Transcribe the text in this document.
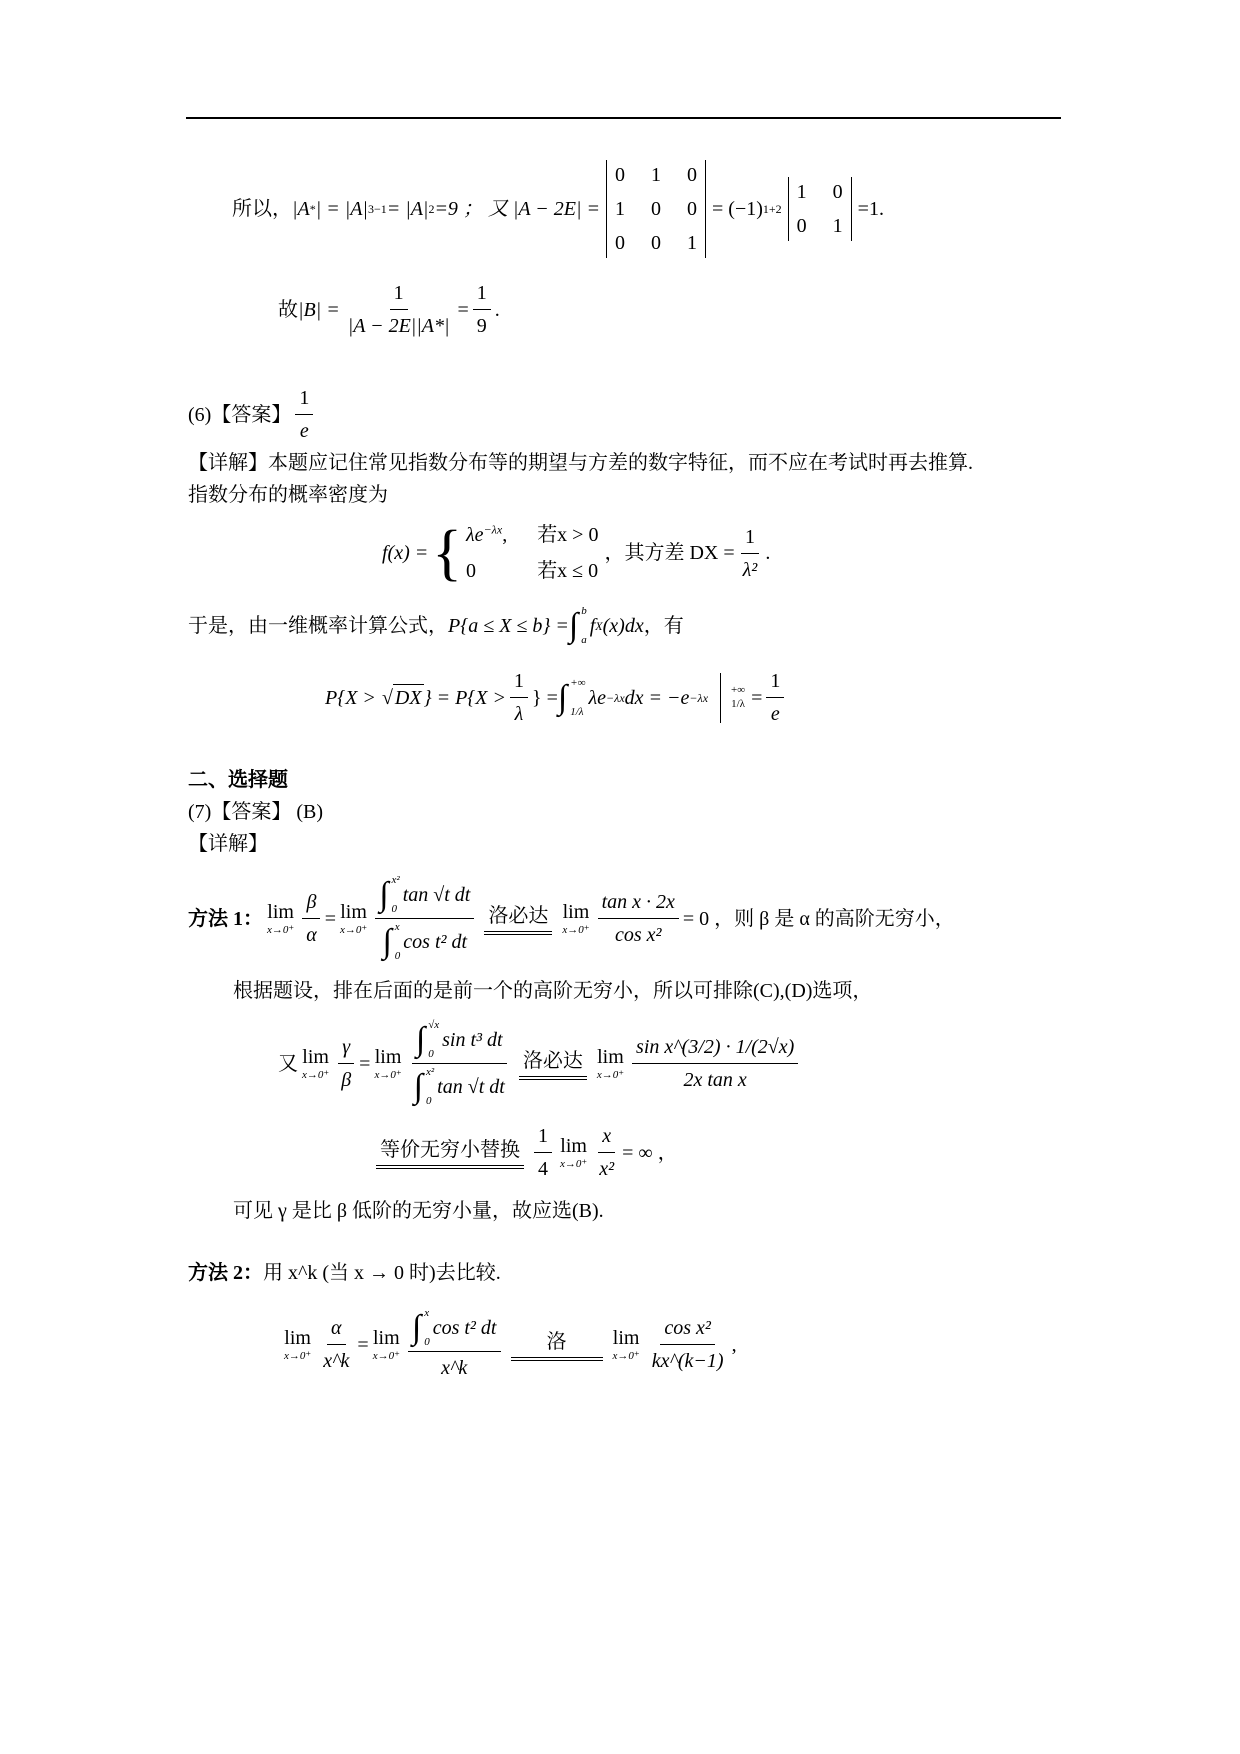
所以， |A * | = |A| 3−1 = |A| 2 =9 ； 又 |A − 2E| =
0 1 0
1 0 0
0 0 1
= (−1) 1+2
1 0
0 1
=1.
故 $|B| = \frac{1}{|A - 2E||A*|} = \frac{1}{9}$ .
(6)【答案】 $\frac{1}{e}$
【详解】本题应记住常见指数分布等的期望与方差的数字特征，而不应在考试时再去推算.
指数分布的概率密度为
f(x) = { $\lambda e^{-\lambda x}$, 若x > 0
0	若x ≤ 0
，其方差 DX = $\frac{1}{\text{λ²}}$ .
于是，由一维概率计算公式， P{a ≤ X ≤ b} = ∫ b
a
f X (x)dx ，有
P{X > √ DX } = $P\{X > \frac{1}{\lambda}$ } = ∫ +∞
1/λ
λe −λx dx = −e −λx
+∞
$1/\lambda = \frac{1}{e}$
二、选择题
(7)【答案】 (B)
【详解】
方法 1： lim
$x\to 0^+ \frac{\beta}{\alpha} = \lim$
x→0⁺
∫ x²
0
tan √t dt
∫ x
0
cos t² dt
洛必达 lim
$x\to 0^+ \frac{\text{tan x · 2x}}{\text{cos x²}} = 0$ ，则 β 是 α 的高阶无穷小，
根据题设，排在后面的是前一个的高阶无穷小，所以可排除(C),(D)选项，
又 lim
$x\to 0^+ \frac{\gamma}{\beta} = \lim$
x→0⁺
∫ √x
0
sin t³ dt
∫ x²
0
tan √t dt
洛必达 lim
$x\to 0^+ \frac{\text{sin x\textasciicircum{}(3/2) · 1/(2√x)}}{\text{2x tan x}}$
等价无穷小替换 $\frac{1}{4}$ lim
$x\to 0^+ \frac{x}{\text{x²}}$ = ∞ ，
可见 γ 是比 β 低阶的无穷小量，故应选(B).
方法 2： 用 x^k (当 x → 0 时)去比较.
lim
$x\to 0^+ \frac{\alpha}{x\^{}k} = \lim$
x→0⁺
∫ x
0
cos t² dt
x^k
洛	lim
$x\to 0^+ \frac{\text{cos x²}}{kx\^{}(k-1)}$ ,
